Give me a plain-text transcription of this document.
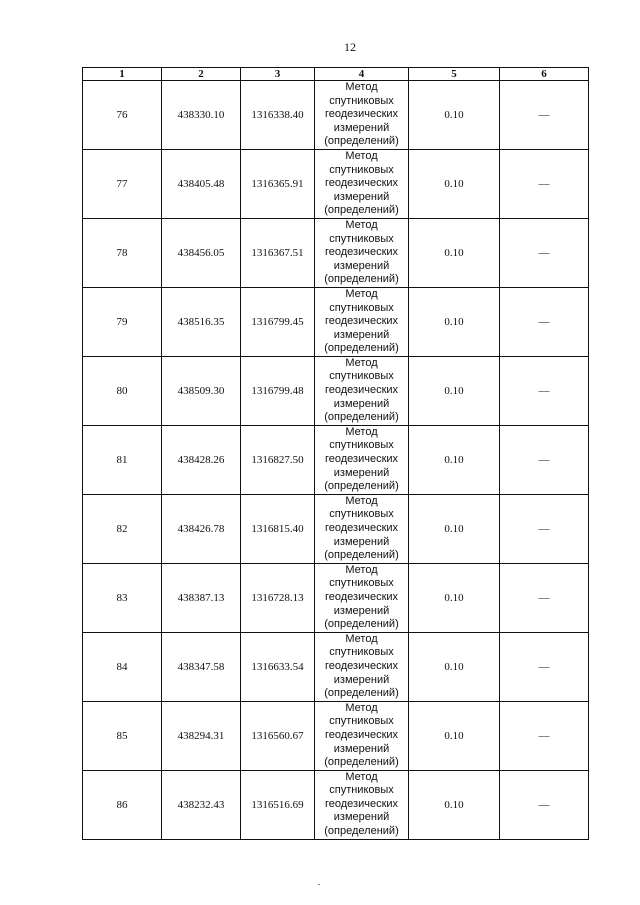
12
1	2	3	4	5	6
76	438330.10	1316338.40	Метод
спутниковых
геодезических
измерений
(определений)	0.10	—
77	438405.48	1316365.91	Метод
спутниковых
геодезических
измерений
(определений)	0.10	—
78	438456.05	1316367.51	Метод
спутниковых
геодезических
измерений
(определений)	0.10	—
79	438516.35	1316799.45	Метод
спутниковых
геодезических
измерений
(определений)	0.10	—
80	438509.30	1316799.48	Метод
спутниковых
геодезических
измерений
(определений)	0.10	—
81	438428.26	1316827.50	Метод
спутниковых
геодезических
измерений
(определений)	0.10	—
82	438426.78	1316815.40	Метод
спутниковых
геодезических
измерений
(определений)	0.10	—
83	438387.13	1316728.13	Метод
спутниковых
геодезических
измерений
(определений)	0.10	—
84	438347.58	1316633.54	Метод
спутниковых
геодезических
измерений
(определений)	0.10	—
85	438294.31	1316560.67	Метод
спутниковых
геодезических
измерений
(определений)	0.10	—
86	438232.43	1316516.69	Метод
спутниковых
геодезических
измерений
(определений)	0.10	—
